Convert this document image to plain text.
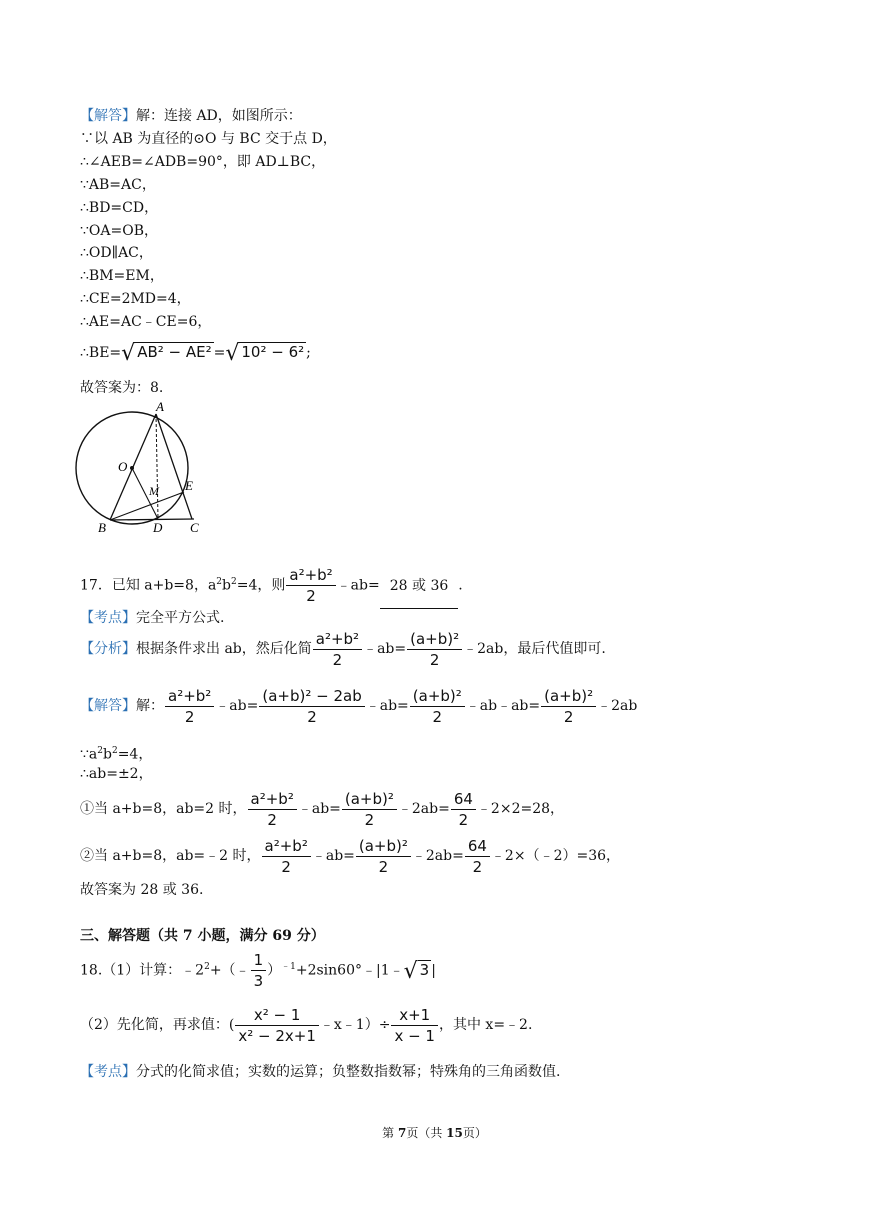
【解答】解：连接 AD，如图所示：
∵以 AB 为直径的⊙O 与 BC 交于点 D，
∴∠AEB=∠ADB=90°，即 AD⊥BC，
∵AB=AC，
∴BD=CD，
∵OA=OB，
∴OD∥AC，
∴BM=EM，
∴CE=2MD=4，
∴AE=AC﹣CE=6，
∴BE=√ AB² − AE² =√ 10² − 6² ;
故答案为：8.
A
O
M E
B	D C
17．已知 a+b=8，$a^2b^2=4$，则 $\frac{\text{a²+b²}}{2}$ ﹣ab= 28 或 36 .
【考点】完全平方公式.
【分析】根据条件求出 ab，然后化简 $\frac{\text{a²+b²}}{2}$ ﹣ab= $\frac{\text{(a+b)²}}{2}$ ﹣2ab，最后代值即可.
【解答】解： $\frac{\text{a²+b²}}{2}$ ﹣ab= $\frac{\text{(a+b)² − 2ab}}{2}$ ﹣ab= $\frac{\text{(a+b)²}}{2}$ ﹣ab﹣ab= $\frac{\text{(a+b)²}}{2}$ ﹣2ab
$\because a^2b^2=4$，
∴ab=±2，
①当 a+b=8，ab=2 时， $\frac{\text{a²+b²}}{2}$ ﹣ab= $\frac{\text{(a+b)²}}{2}$ ﹣2ab= $\frac{64}{2}$ ﹣2×2=28，
②当 a+b=8，ab=﹣2 时， $\frac{\text{a²+b²}}{2}$ ﹣ab= $\frac{\text{(a+b)²}}{2}$ ﹣2ab= $\frac{64}{2}$ ﹣2×（﹣2）=36，
故答案为 28 或 36.
三、解答题（共 7 小题，满分 69 分）
18.（1）计算：$﹣2^2+(﹣ \frac{1}{3}$ ）$^{﹣1}$+2sin60°﹣|1﹣√ 3 |
（2）先化简，再求值：( $\frac{\text{x² − 1}}{\text{x² − 2x+1}}$ ﹣x﹣1）÷ $\frac{x+1}{x - 1}$ ，其中 x=﹣2.
【考点】分式的化简求值；实数的运算；负整数指数幂；特殊角的三角函数值.
第 7页（共 15页）
